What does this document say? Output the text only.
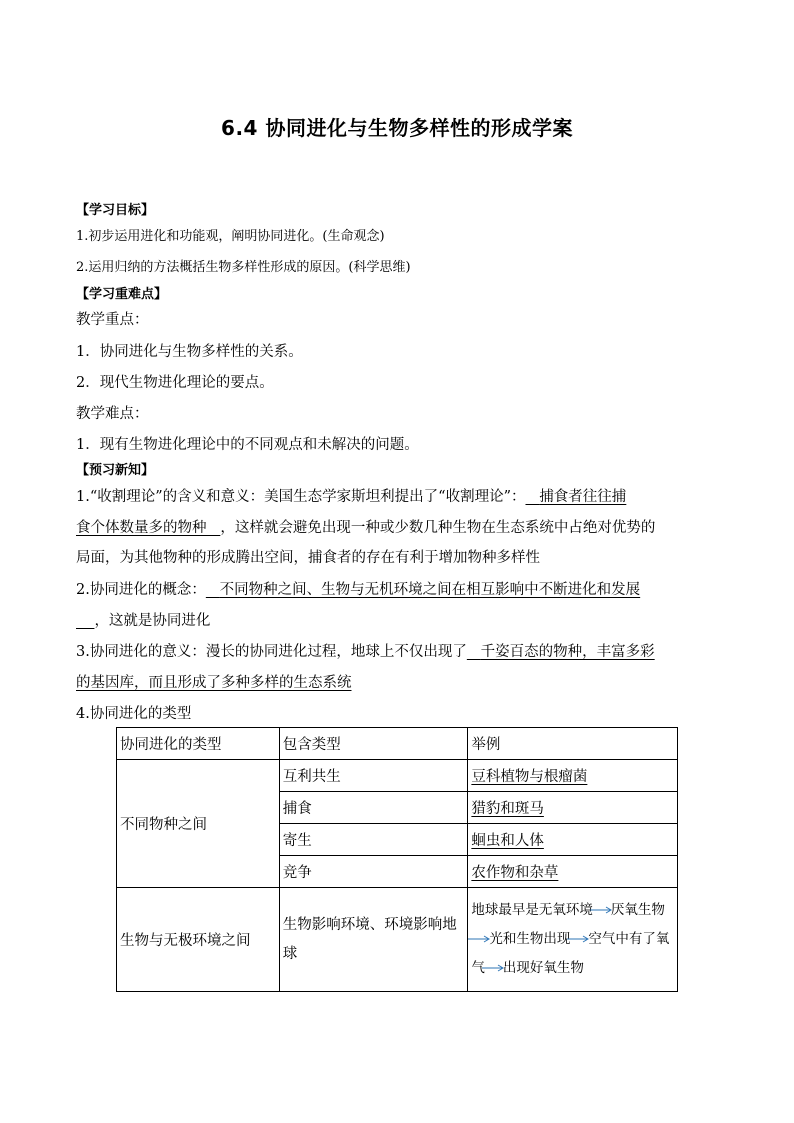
6.4 协同进化与生物多样性的形成学案
【学习目标】
1.初步运用进化和功能观，阐明协同进化。(生命观念)
2.运用归纳的方法概括生物多样性形成的原因。(科学思维)
【学习重难点】
教学重点：
1．协同进化与生物多样性的关系。
2．现代生物进化理论的要点。
教学难点：
1．现有生物进化理论中的不同观点和未解决的问题。
【预习新知】
1.“收割理论”的含义和意义：美国生态学家斯坦利提出了“收割理论”： 捕食者往往捕
食个体数量多的物种 ，这样就会避免出现一种或少数几种生物在生态系统中占绝对优势的
局面，为其他物种的形成腾出空间，捕食者的存在有利于增加物种多样性
2.协同进化的概念： 不同物种之间、生物与无机环境之间在相互影响中不断进化和发展
，这就是协同进化
3.协同进化的意义：漫长的协同进化过程，地球上不仅出现了 千姿百态的物种，丰富多彩
的基因库，而且形成了多种多样的生态系统
4.协同进化的类型
协同进化的类型	包含类型	举例
不同物种之间	互利共生	豆科植物与根瘤菌
	捕食	猎豹和斑马
	寄生	蛔虫和人体
	竞争	农作物和杂草
生物与无极环境之间	生物影响环境、环境影响地球	地球最早是无氧环境 厌氧生物
光和生物出现 空气中有了氧气 出现好氧生物
